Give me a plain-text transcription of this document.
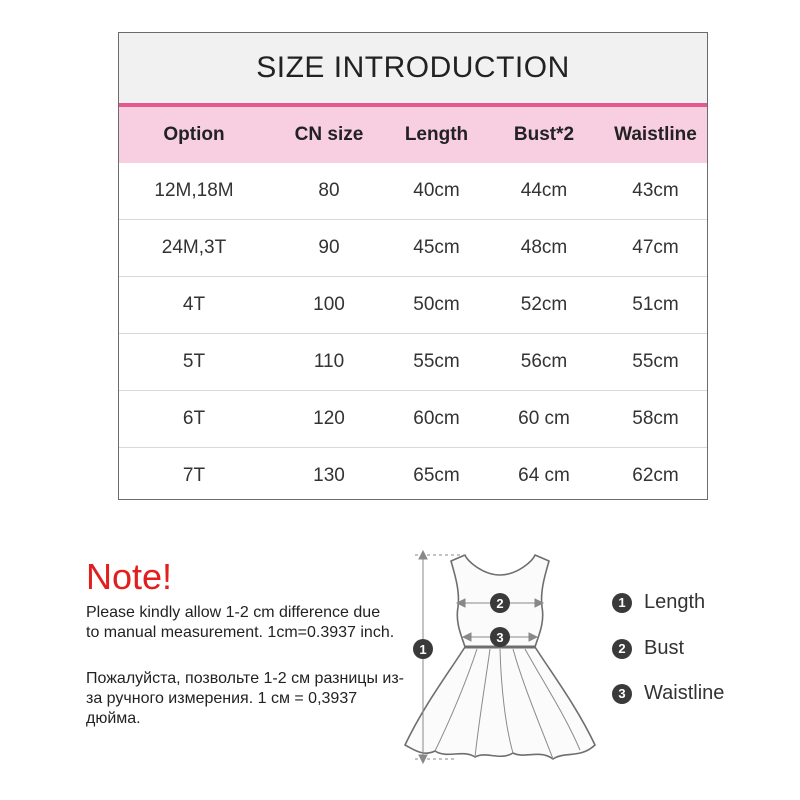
SIZE INTRODUCTION
Option	CN size	Length	Bust*2	Waistline
12M,18M	80	40cm	44cm	43cm
24M,3T	90	45cm	48cm	47cm
4T	100	50cm	52cm	51cm
5T	110	55cm	56cm	55cm
6T	120	60cm	60 cm	58cm
7T	130	65cm	64 cm	62cm
Note!
Please kindly allow 1-2 cm difference due to manual measurement. 1cm=0.3937 inch.
Пожалуйста, позвольте 1-2 см разницы из-за ручного измерения. 1 см = 0,3937 дюйма.
1
2
3
1 Length
2 Bust
3 Waistline
